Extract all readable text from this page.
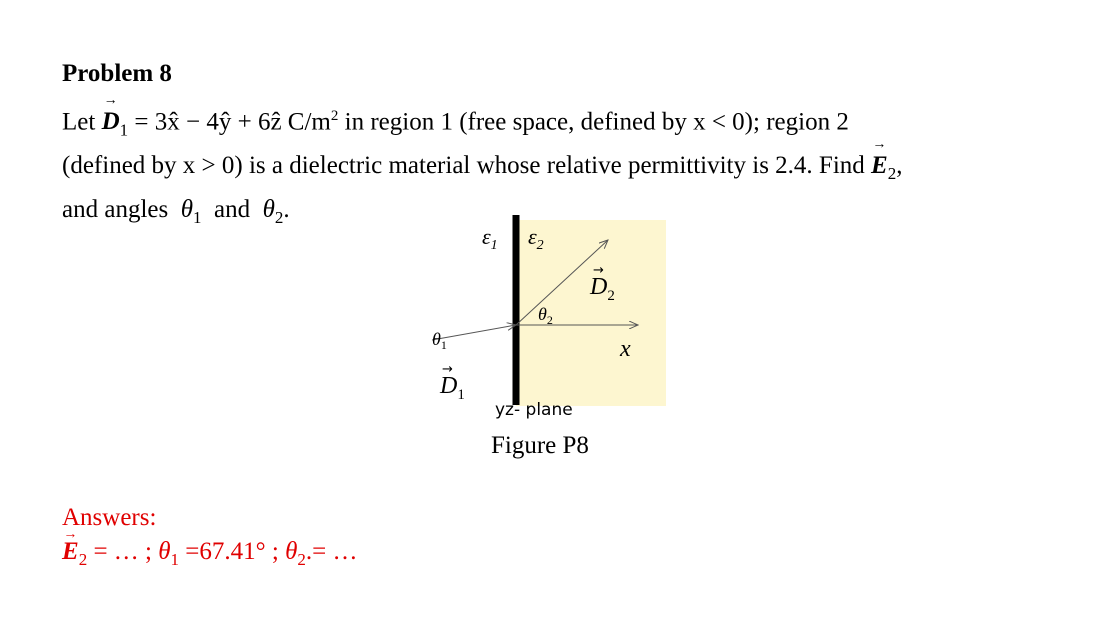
Problem 8
Let
→
$D_1$ = 3x̂ − 4ŷ + 6ẑ $C/m^2$ in region 1 (free space, defined by x < 0); region 2
(defined by x > 0) is a dielectric material whose relative permittivity is 2.4. Find
→
$E_2$,
and angles $\theta_1$ and $\theta_2$.
$\varepsilon_1$ $\varepsilon_2$
$D_2$
→
$\theta_2$
$\theta_1$	x
$D_1$
→
yz- plane
Figure P8
Answers:
→
$E_2$ = … ; $\theta_1 =67.41^\circ$ ; $\theta_2.=$ …
